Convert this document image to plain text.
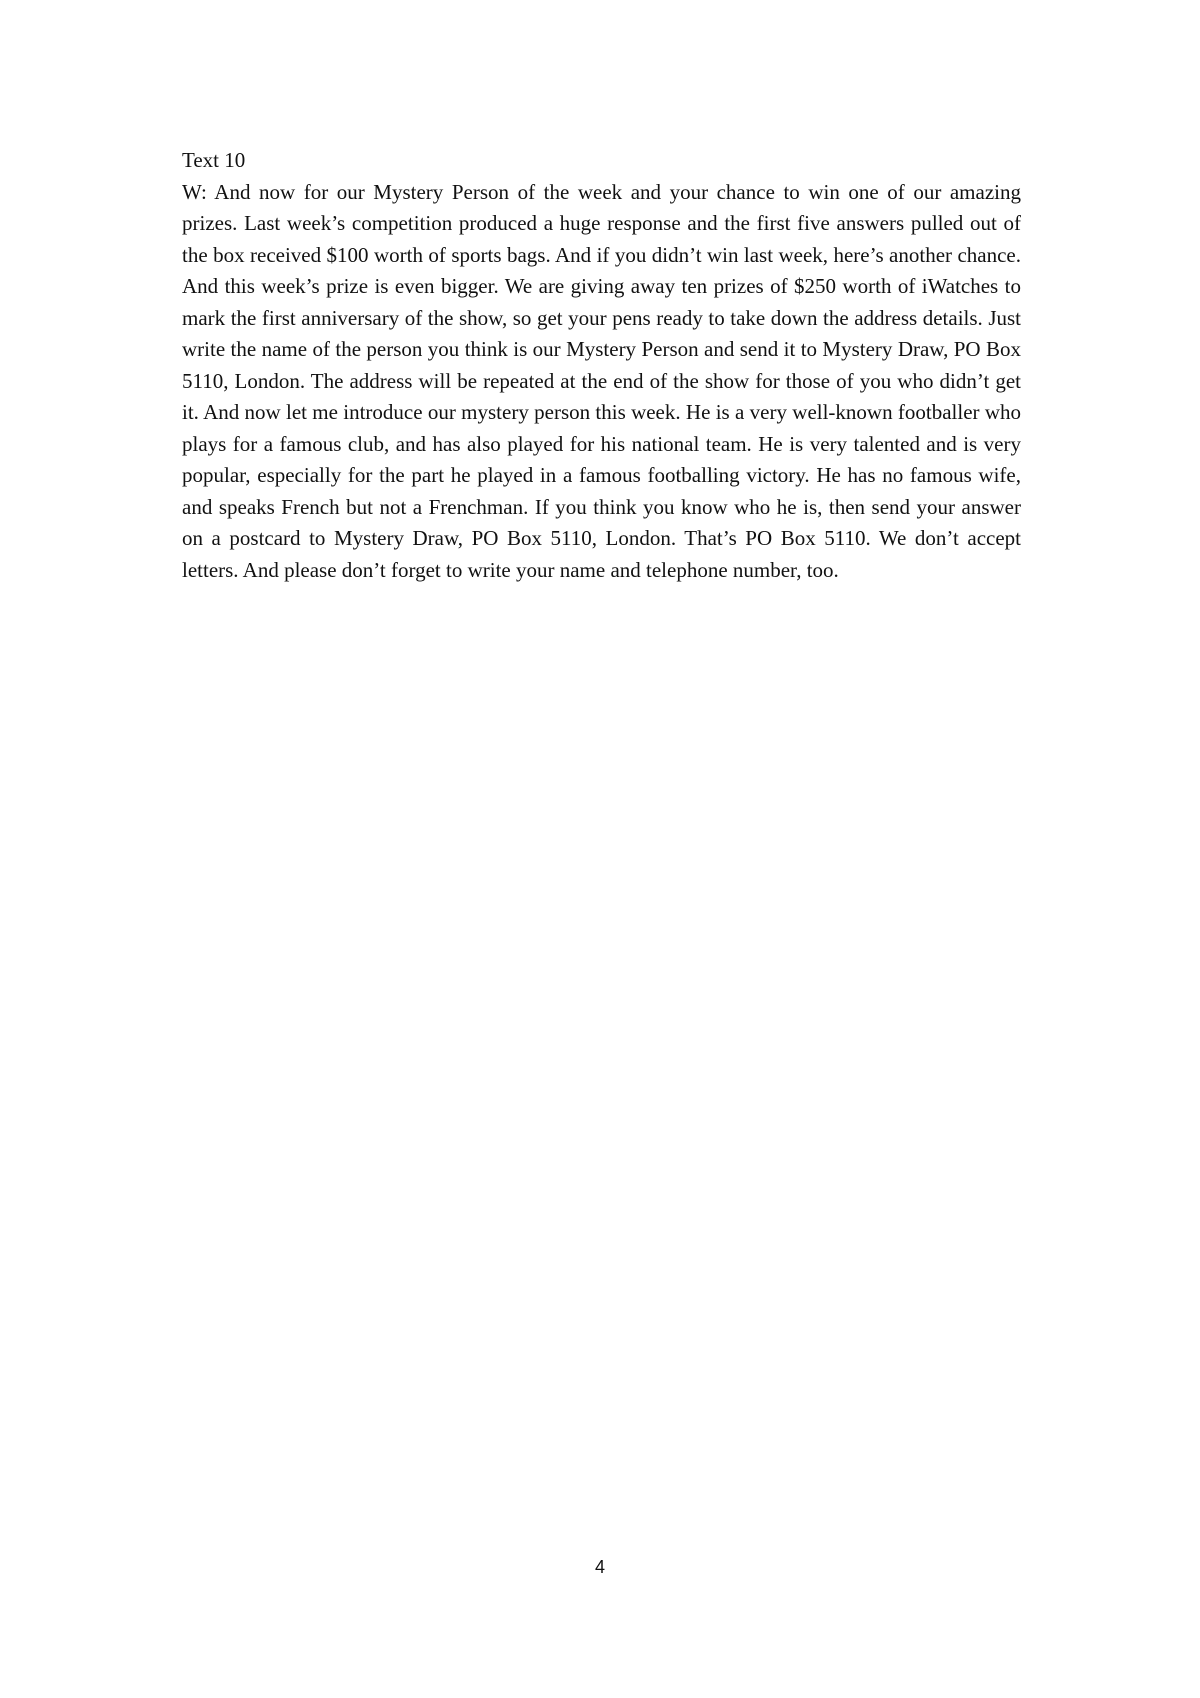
Text 10

W: And now for our Mystery Person of the week and your chance to win one of our amazing prizes. Last week’s competition produced a huge response and the first five answers pulled out of the box received $100 worth of sports bags. And if you didn’t win last week, here’s another chance. And this week’s prize is even bigger. We are giving away ten prizes of $250 worth of iWatches to mark the first anniversary of the show, so get your pens ready to take down the address details. Just write the name of the person you think is our Mystery Person and send it to Mystery Draw, PO Box 5110, London. The address will be repeated at the end of the show for those of you who didn’t get it. And now let me introduce our mystery person this week. He is a very well-known footballer who plays for a famous club, and has also played for his national team. He is very talented and is very popular, especially for the part he played in a famous footballing victory. He has no famous wife, and speaks French but not a Frenchman. If you think you know who he is, then send your answer on a postcard to Mystery Draw, PO Box 5110, London. That’s PO Box 5110. We don’t accept letters. And please don’t forget to write your name and telephone number, too.

4
